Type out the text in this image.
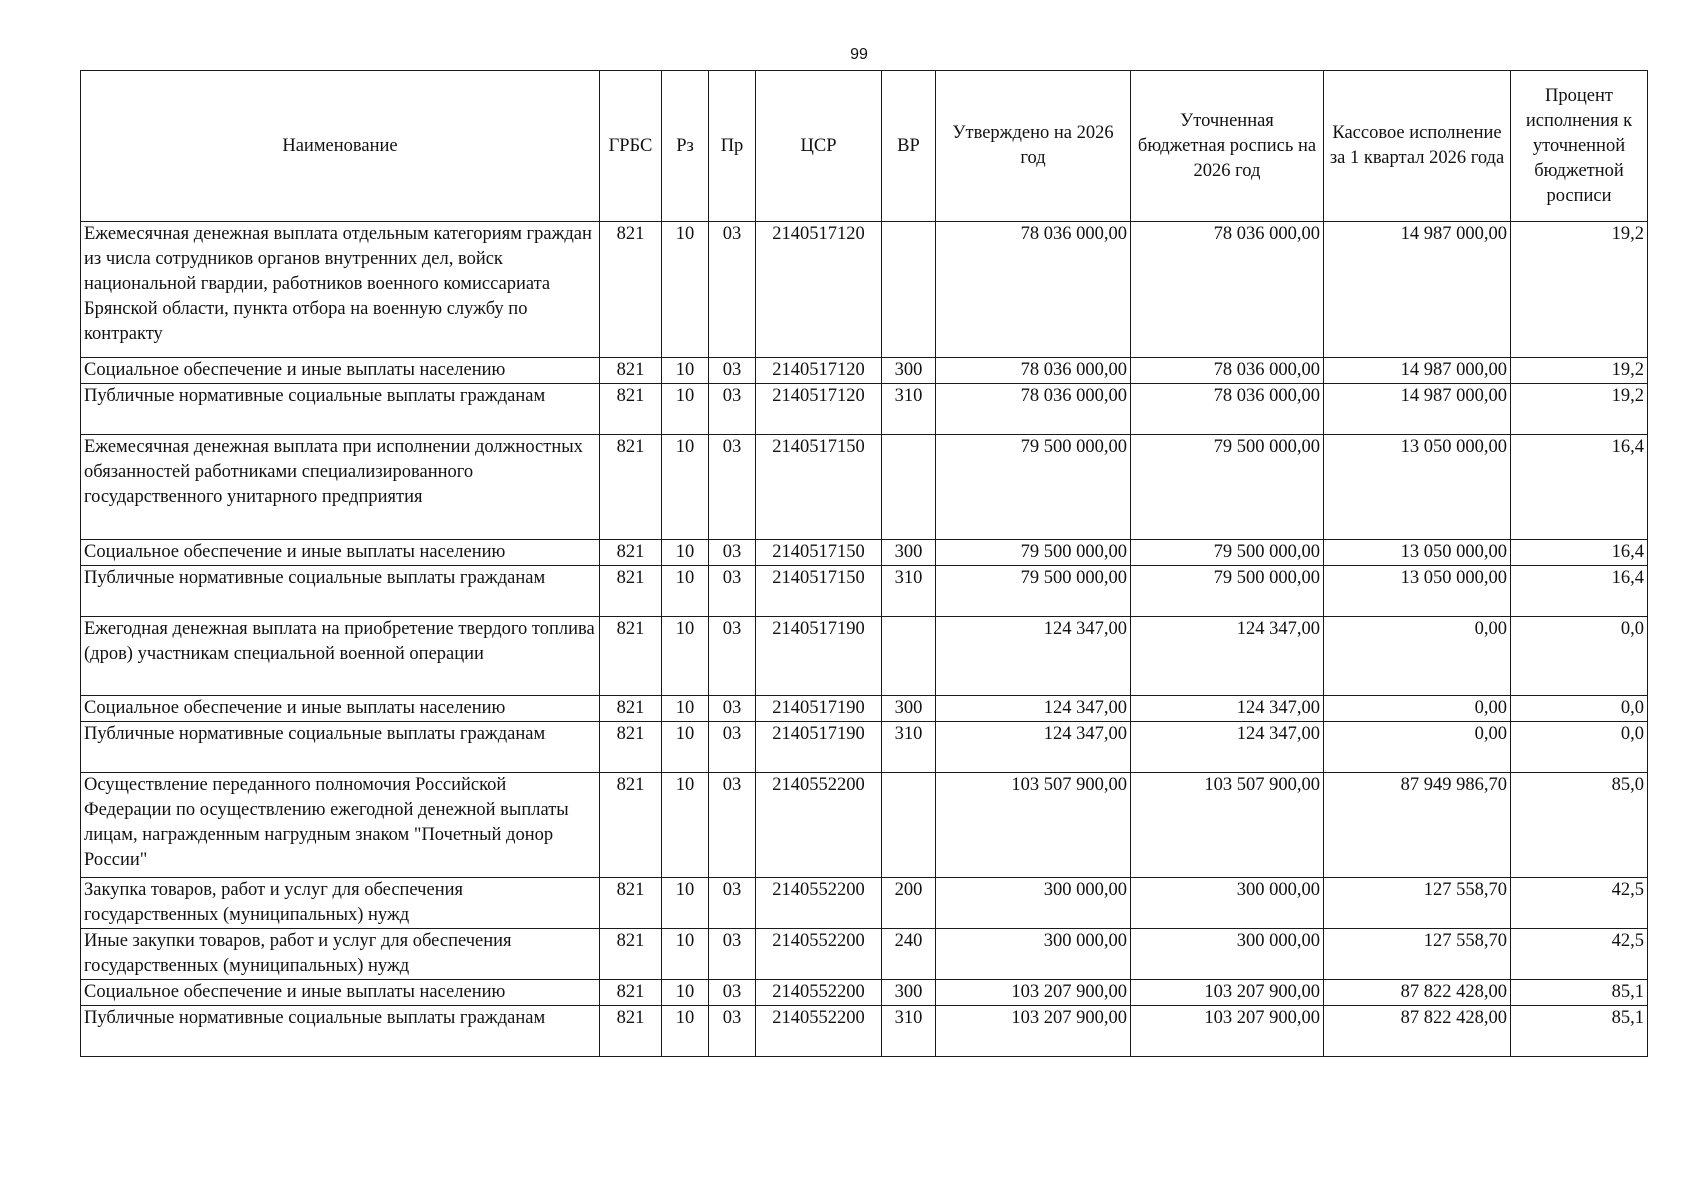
99
Наименование	ГРБС	Рз	Пр	ЦСР	ВР	Утверждено на 2026 год	Уточненная бюджетная роспись на 2026 год	Кассовое исполнение за 1 квартал 2026 года	Процент исполнения к уточненной бюджетной росписи
Ежемесячная денежная выплата отдельным категориям граждан из числа сотрудников органов внутренних дел, войск национальной гвардии, работников военного комиссариата Брянской области, пункта отбора на военную службу по контракту	821	10	03	2140517120		78 036 000,00	78 036 000,00	14 987 000,00	19,2
Социальное обеспечение и иные выплаты населению	821	10	03	2140517120	300	78 036 000,00	78 036 000,00	14 987 000,00	19,2
Публичные нормативные социальные выплаты гражданам	821	10	03	2140517120	310	78 036 000,00	78 036 000,00	14 987 000,00	19,2
Ежемесячная денежная выплата при исполнении должностных обязанностей работниками специализированного государственного унитарного предприятия	821	10	03	2140517150		79 500 000,00	79 500 000,00	13 050 000,00	16,4
Социальное обеспечение и иные выплаты населению	821	10	03	2140517150	300	79 500 000,00	79 500 000,00	13 050 000,00	16,4
Публичные нормативные социальные выплаты гражданам	821	10	03	2140517150	310	79 500 000,00	79 500 000,00	13 050 000,00	16,4
Ежегодная денежная выплата на приобретение твердого топлива (дров) участникам специальной военной операции	821	10	03	2140517190		124 347,00	124 347,00	0,00	0,0
Социальное обеспечение и иные выплаты населению	821	10	03	2140517190	300	124 347,00	124 347,00	0,00	0,0
Публичные нормативные социальные выплаты гражданам	821	10	03	2140517190	310	124 347,00	124 347,00	0,00	0,0
Осуществление переданного полномочия Российской Федерации по осуществлению ежегодной денежной выплаты лицам, награжденным нагрудным знаком "Почетный донор России"	821	10	03	2140552200		103 507 900,00	103 507 900,00	87 949 986,70	85,0
Закупка товаров, работ и услуг для обеспечения государственных (муниципальных) нужд	821	10	03	2140552200	200	300 000,00	300 000,00	127 558,70	42,5
Иные закупки товаров, работ и услуг для обеспечения государственных (муниципальных) нужд	821	10	03	2140552200	240	300 000,00	300 000,00	127 558,70	42,5
Социальное обеспечение и иные выплаты населению	821	10	03	2140552200	300	103 207 900,00	103 207 900,00	87 822 428,00	85,1
Публичные нормативные социальные выплаты гражданам	821	10	03	2140552200	310	103 207 900,00	103 207 900,00	87 822 428,00	85,1
